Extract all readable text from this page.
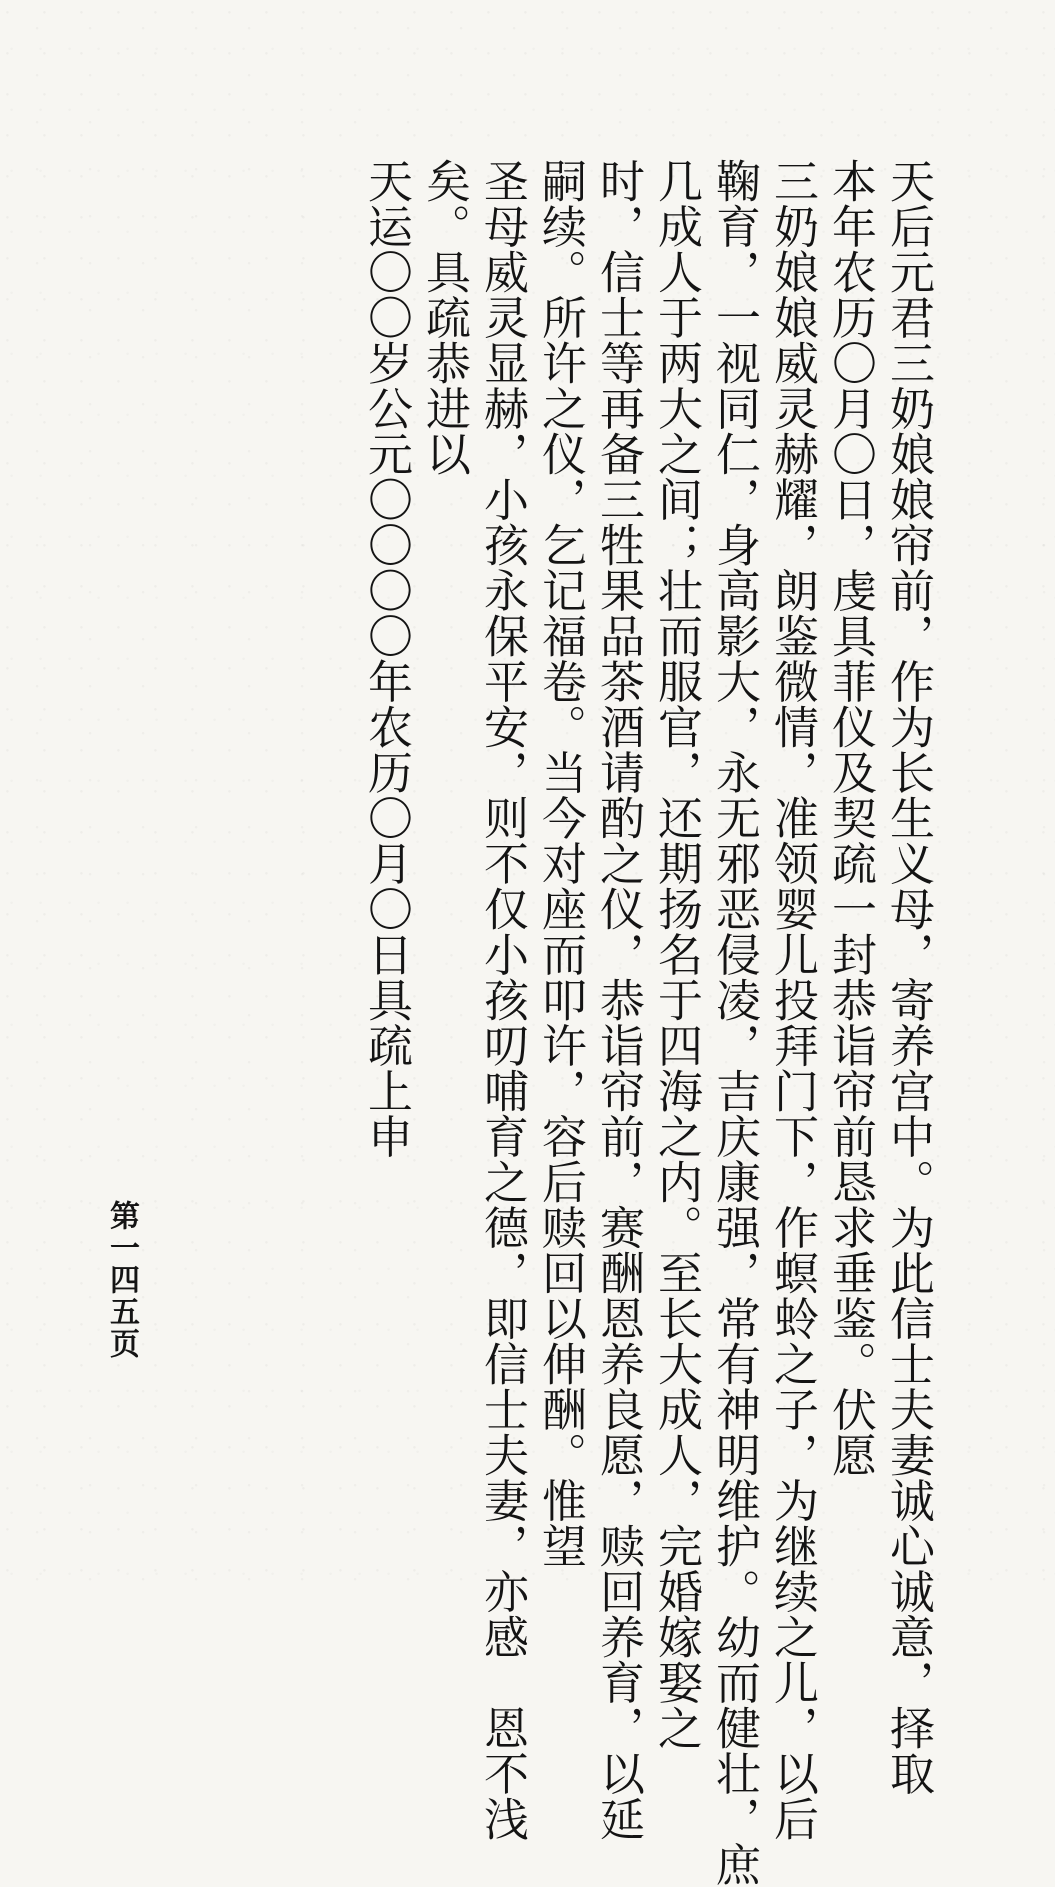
天后元君三奶娘娘帘前，作为长生义母，寄养宫中。为此信士夫妻诚心诚意，择取
本年农历〇月〇日，虔具菲仪及契疏一封恭诣帘前恳求垂鉴。伏愿
三奶娘娘威灵赫耀，朗鉴微情，准领婴儿投拜门下，作螟蛉之子，为继续之儿，以后
鞠育，一视同仁，身高影大，永无邪恶侵凌，吉庆康强，常有神明维护。幼而健壮，庶
几成人于两大之间；壮而服官，还期扬名于四海之内。至长大成人，完婚嫁娶之
时，信士等再备三牲果品茶酒请酌之仪，恭诣帘前，赛酬恩养良愿，赎回养育，以延
嗣续。所许之仪，乞记福卷。当今对座而叩许，容后赎回以伸酬。惟望
圣母威灵显赫，小孩永保平安，则不仅小孩叨哺育之德，即信士夫妻，亦感　恩不浅
矣。具疏恭进以
天运〇〇岁公元〇〇〇〇年农历〇月〇日具疏上申
第一四五页
